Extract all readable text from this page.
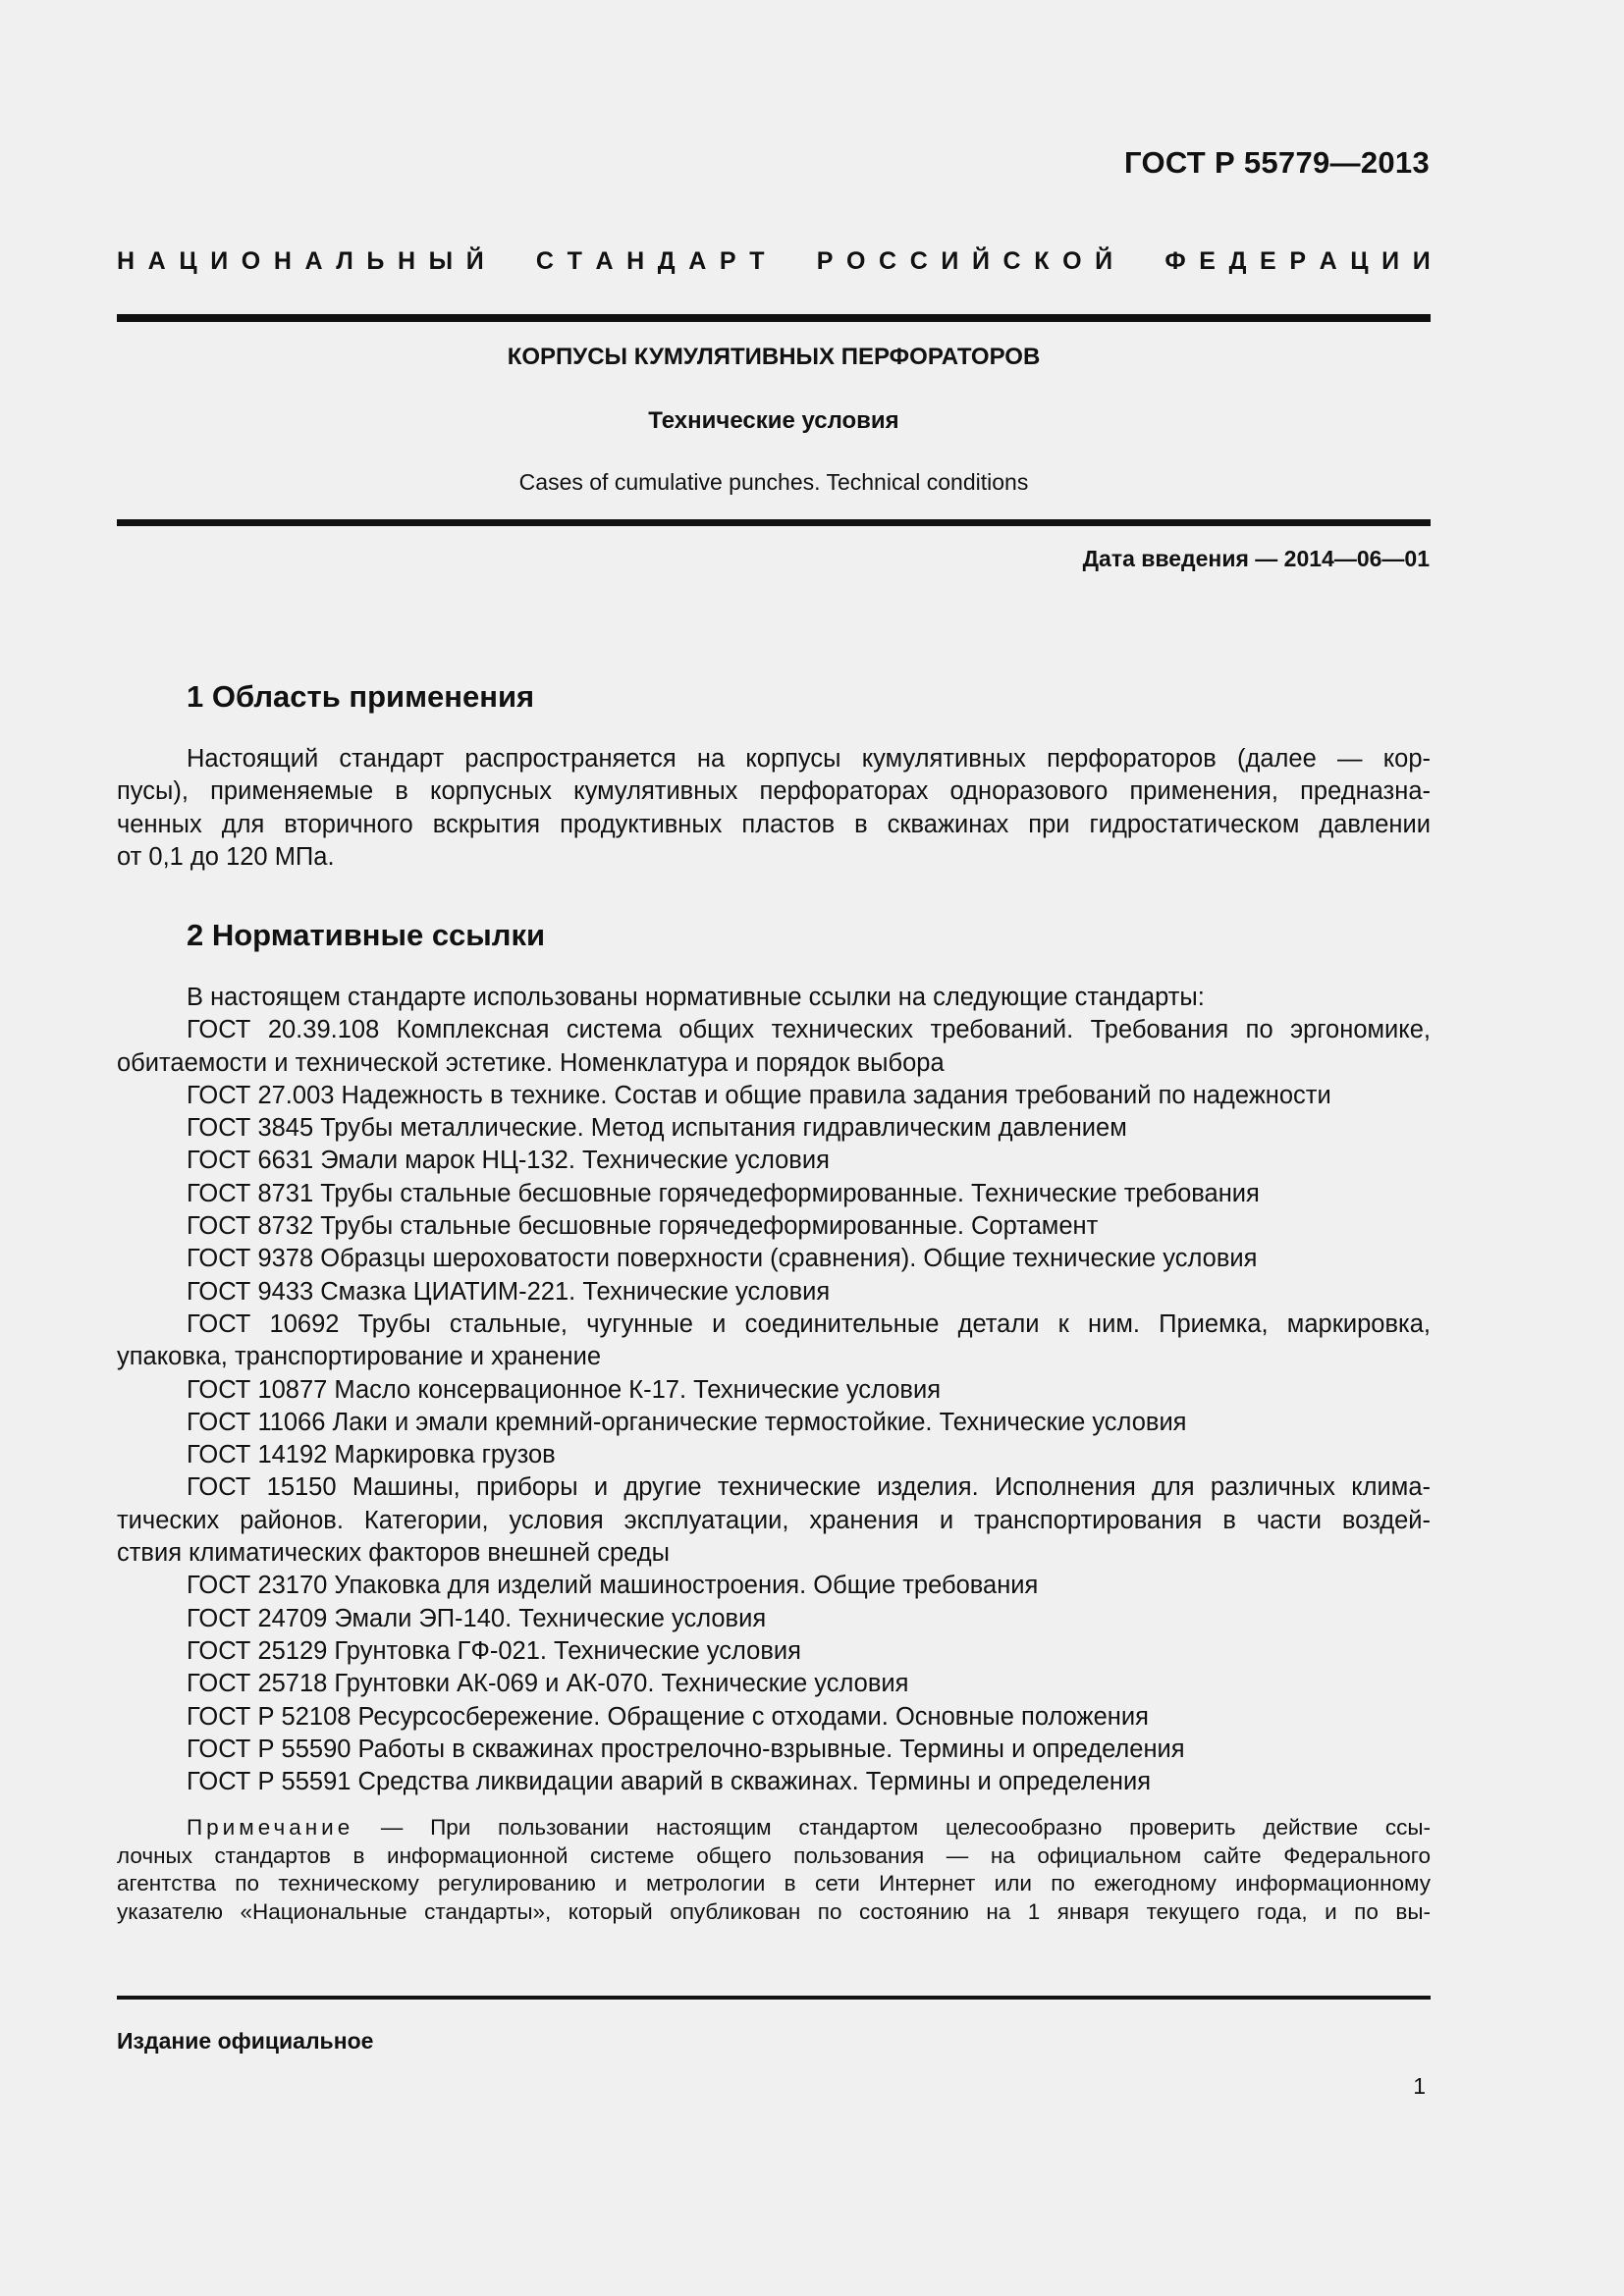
ГОСТ Р 55779—2013
Н А Ц И О Н А Л Ь Н Ы Й С Т А Н Д А Р Т Р О С С И Й С К О Й Ф Е Д Е Р А Ц И И
КОРПУСЫ КУМУЛЯТИВНЫХ ПЕРФОРАТОРОВ
Технические условия
Cases of cumulative punches. Technical conditions
Дата введения — 2014—06—01
1 Область применения
Настоящий стандарт распространяется на корпусы кумулятивных перфораторов (далее — кор-
пусы), применяемые в корпусных кумулятивных перфораторах одноразового применения, предназна-
ченных для вторичного вскрытия продуктивных пластов в скважинах при гидростатическом давлении
от 0,1 до 120 МПа.
2 Нормативные ссылки
В настоящем стандарте использованы нормативные ссылки на следующие стандарты:
ГОСТ 20.39.108 Комплексная система общих технических требований. Требования по эргономике,
обитаемости и технической эстетике. Номенклатура и порядок выбора
ГОСТ 27.003 Надежность в технике. Состав и общие правила задания требований по надежности
ГОСТ 3845 Трубы металлические. Метод испытания гидравлическим давлением
ГОСТ 6631 Эмали марок НЦ-132. Технические условия
ГОСТ 8731 Трубы стальные бесшовные горячедеформированные. Технические требования
ГОСТ 8732 Трубы стальные бесшовные горячедеформированные. Сортамент
ГОСТ 9378 Образцы шероховатости поверхности (сравнения). Общие технические условия
ГОСТ 9433 Смазка ЦИАТИМ-221. Технические условия
ГОСТ 10692 Трубы стальные, чугунные и соединительные детали к ним. Приемка, маркировка,
упаковка, транспортирование и хранение
ГОСТ 10877 Масло консервационное К-17. Технические условия
ГОСТ 11066 Лаки и эмали кремний-органические термостойкие. Технические условия
ГОСТ 14192 Маркировка грузов
ГОСТ 15150 Машины, приборы и другие технические изделия. Исполнения для различных клима-
тических районов. Категории, условия эксплуатации, хранения и транспортирования в части воздей-
ствия климатических факторов внешней среды
ГОСТ 23170 Упаковка для изделий машиностроения. Общие требования
ГОСТ 24709 Эмали ЭП-140. Технические условия
ГОСТ 25129 Грунтовка ГФ-021. Технические условия
ГОСТ 25718 Грунтовки АК-069 и АК-070. Технические условия
ГОСТ Р 52108 Ресурсосбережение. Обращение с отходами. Основные положения
ГОСТ Р 55590 Работы в скважинах прострелочно-взрывные. Термины и определения
ГОСТ Р 55591 Средства ликвидации аварий в скважинах. Термины и определения
Примечание — При пользовании настоящим стандартом целесообразно проверить действие ссы-
лочных стандартов в информационной системе общего пользования — на официальном сайте Федерального
агентства по техническому регулированию и метрологии в сети Интернет или по ежегодному информационному
указателю «Национальные стандарты», который опубликован по состоянию на 1 января текущего года, и по вы-
Издание официальное
1
